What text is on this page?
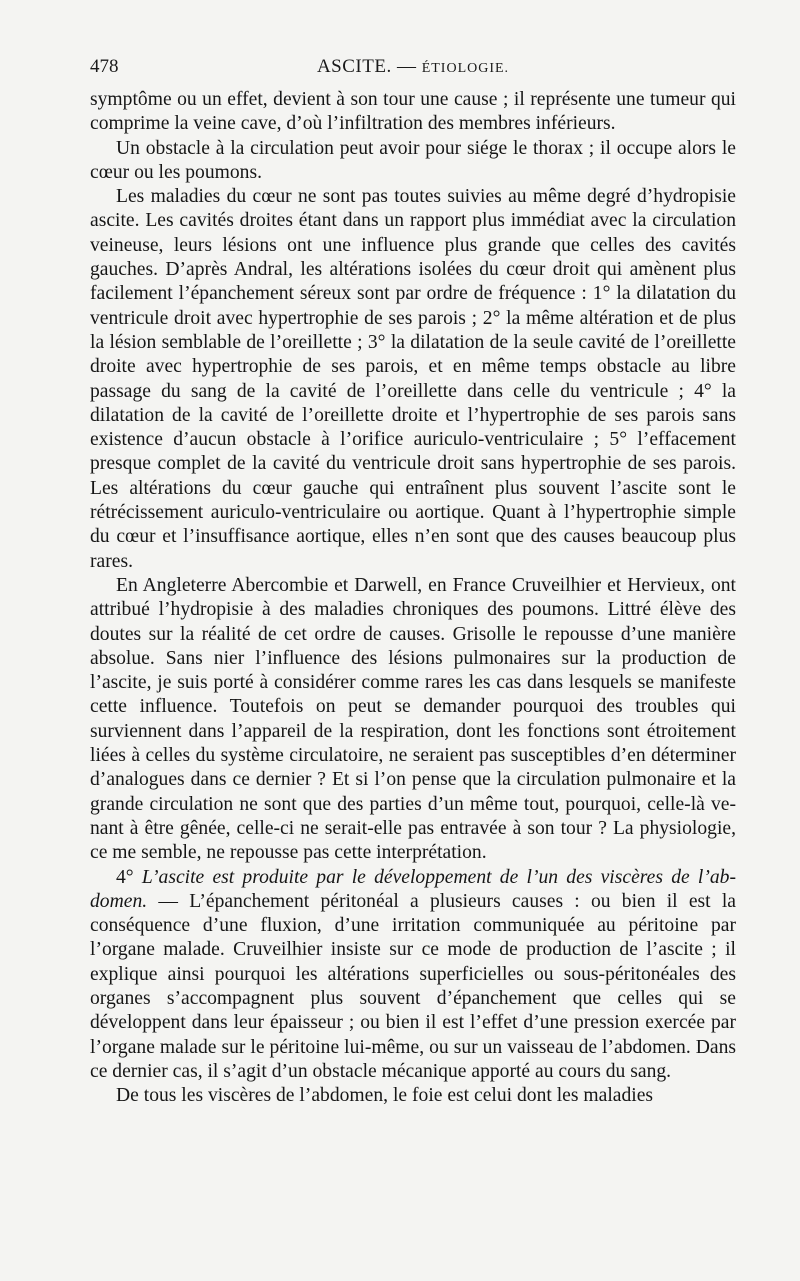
478	ASCITE. — ÉTIOLOGIE.

symptôme ou un effet, devient à son tour une cause ; il représente une tumeur qui comprime la veine cave, d’où l’infiltration des membres inférieurs.

Un obstacle à la circulation peut avoir pour siége le thorax ; il occupe alors le cœur ou les poumons.

Les maladies du cœur ne sont pas toutes suivies au même degré d’hydropisie ascite. Les cavités droites étant dans un rapport plus immédiat avec la circulation veineuse, leurs lésions ont une influence plus grande que celles des cavités gauches. D’après Andral, les altérations isolées du cœur droit qui amènent plus facilement l’épanchement séreux sont par ordre de fréquence : 1° la dilatation du ventricule droit avec hypertrophie de ses parois ; 2° la même altération et de plus la lésion semblable de l’oreillette ; 3° la dilatation de la seule cavité de l’oreillette droite avec hypertrophie de ses parois, et en même temps obstacle au libre passage du sang de la cavité de l’oreillette dans celle du ventricule ; 4° la dilatation de la cavité de l’oreillette droite et l’hypertrophie de ses parois sans existence d’aucun obstacle à l’orifice auriculo-ventriculaire ; 5° l’effacement presque complet de la cavité du ventricule droit sans hypertrophie de ses parois. Les altérations du cœur gauche qui entraînent plus souvent l’ascite sont le rétrécissement auriculo-ventriculaire ou aortique. Quant à l’hypertrophie simple du cœur et l’insuffisance aortique, elles n’en sont que des causes beaucoup plus rares.

En Angleterre Abercombie et Darwell, en France Cruveilhier et Hervieux, ont attribué l’hydropisie à des maladies chroniques des poumons. Littré élève des doutes sur la réalité de cet ordre de causes. Grisolle le repousse d’une manière absolue. Sans nier l’influence des lésions pulmonaires sur la production de l’ascite, je suis porté à considérer comme rares les cas dans lesquels se manifeste cette influence. Toutefois on peut se demander pourquoi des troubles qui surviennent dans l’appareil de la respiration, dont les fonctions sont étroitement liées à celles du système circulatoire, ne seraient pas susceptibles d’en déterminer d’analogues dans ce dernier ? Et si l’on pense que la circulation pulmonaire et la grande circulation ne sont que des parties d’un même tout, pourquoi, celle-là venant à être gênée, celle-ci ne serait-elle pas entravée à son tour ? La physiologie, ce me semble, ne repousse pas cette interprétation.

4° L’ascite est produite par le développement de l’un des viscères de l’abdomen. — L’épanchement péritonéal a plusieurs causes : ou bien il est la conséquence d’une fluxion, d’une irritation communiquée au péritoine par l’organe malade. Cruveilhier insiste sur ce mode de production de l’ascite ; il explique ainsi pourquoi les altérations superficielles ou sous-péritonéales des organes s’accompagnent plus souvent d’épanchement que celles qui se développent dans leur épaisseur ; ou bien il est l’effet d’une pression exercée par l’organe malade sur le péritoine lui-même, ou sur un vaisseau de l’abdomen. Dans ce dernier cas, il s’agit d’un obstacle mécanique apporté au cours du sang.

De tous les viscères de l’abdomen, le foie est celui dont les maladies
